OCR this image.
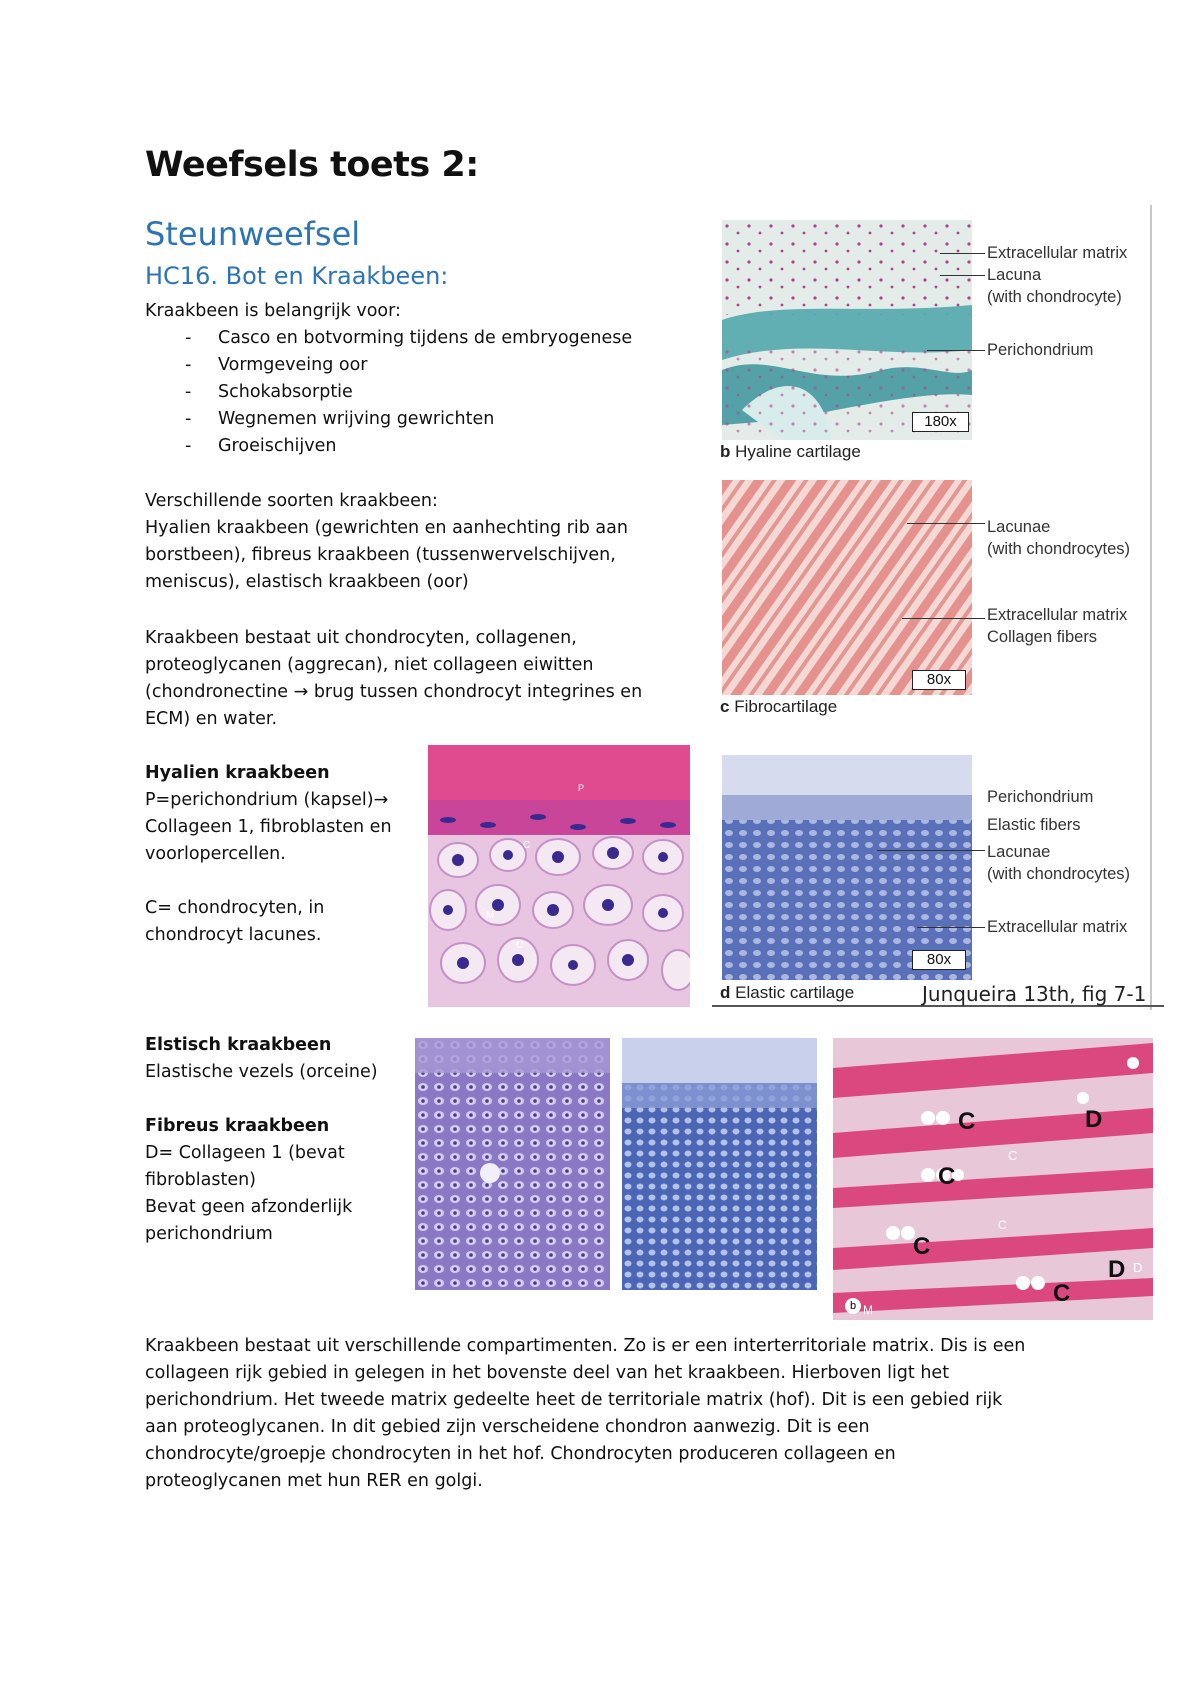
Weefsels toets 2:
Steunweefsel
HC16. Bot en Kraakbeen:
Kraakbeen is belangrijk voor:
- Casco en botvorming tijdens de embryogenese
- Vormgeveing oor
- Schokabsorptie
- Wegnemen wrijving gewrichten
- Groeischijven
Verschillende soorten kraakbeen:
Hyalien kraakbeen (gewrichten en aanhechting rib aan
borstbeen), fibreus kraakbeen (tussenwervelschijven,
meniscus), elastisch kraakbeen (oor)
Kraakbeen bestaat uit chondrocyten, collagenen,
proteoglycanen (aggrecan), niet collageen eiwitten
(chondronectine → brug tussen chondrocyt integrines en
ECM) en water.
Hyalien kraakbeen
P=perichondrium (kapsel)→
Collageen 1, fibroblasten en
voorlopercellen.
C= chondrocyten, in
chondrocyt lacunes.
Elstisch kraakbeen
Elastische vezels (orceine)
Fibreus kraakbeen
D= Collageen 1 (bevat
fibroblasten)
Bevat geen afzonderlijk
perichondrium
Kraakbeen bestaat uit verschillende compartimenten. Zo is er een interterritoriale matrix. Dis is een
collageen rijk gebied in gelegen in het bovenste deel van het kraakbeen. Hierboven ligt het
perichondrium. Het tweede matrix gedeelte heet de territoriale matrix (hof). Dit is een gebied rijk
aan proteoglycanen. In dit gebied zijn verscheidene chondron aanwezig. Dit is een
chondrocyte/groepje chondrocyten in het hof. Chondrocyten produceren collageen en
proteoglycanen met hun RER en golgi.
180x
Extracellular matrix
Lacuna
(with chondrocyte)
Perichondrium
b Hyaline cartilage
80x
Lacunae
(with chondrocytes)
Extracellular matrix
Collagen fibers
c Fibrocartilage
80x
Perichondrium
Elastic fibers
Lacunae
(with chondrocytes)
Extracellular matrix
d Elastic cartilage	Junqueira 13th, fig 7-1
P
C
M
C
C	D
C
C
C
D D
C
M
b
C
